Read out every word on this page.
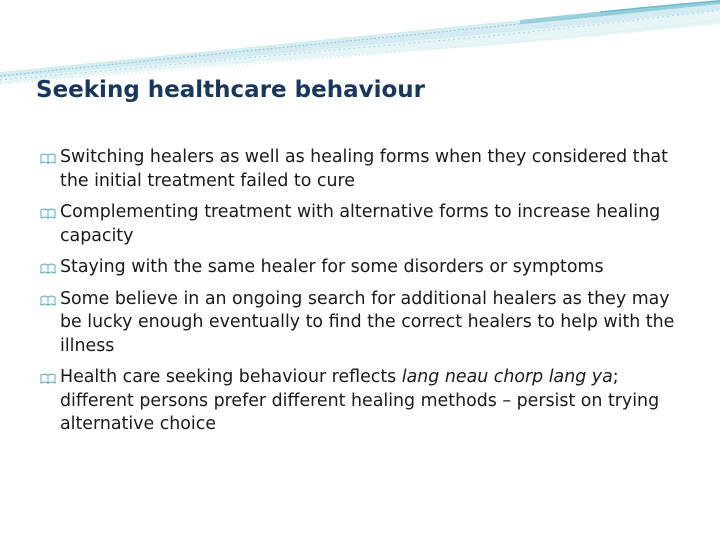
Seeking healthcare behaviour
Switching healers as well as healing forms when they considered that the initial treatment failed to cure
Complementing treatment with alternative forms to increase healing capacity
Staying with the same healer for some disorders or symptoms
Some believe in an ongoing search for additional healers as they may be lucky enough eventually to find the correct healers to help with the illness
Health care seeking behaviour reflects lang neau chorp lang ya; different persons prefer different healing methods – persist on trying alternative choice
